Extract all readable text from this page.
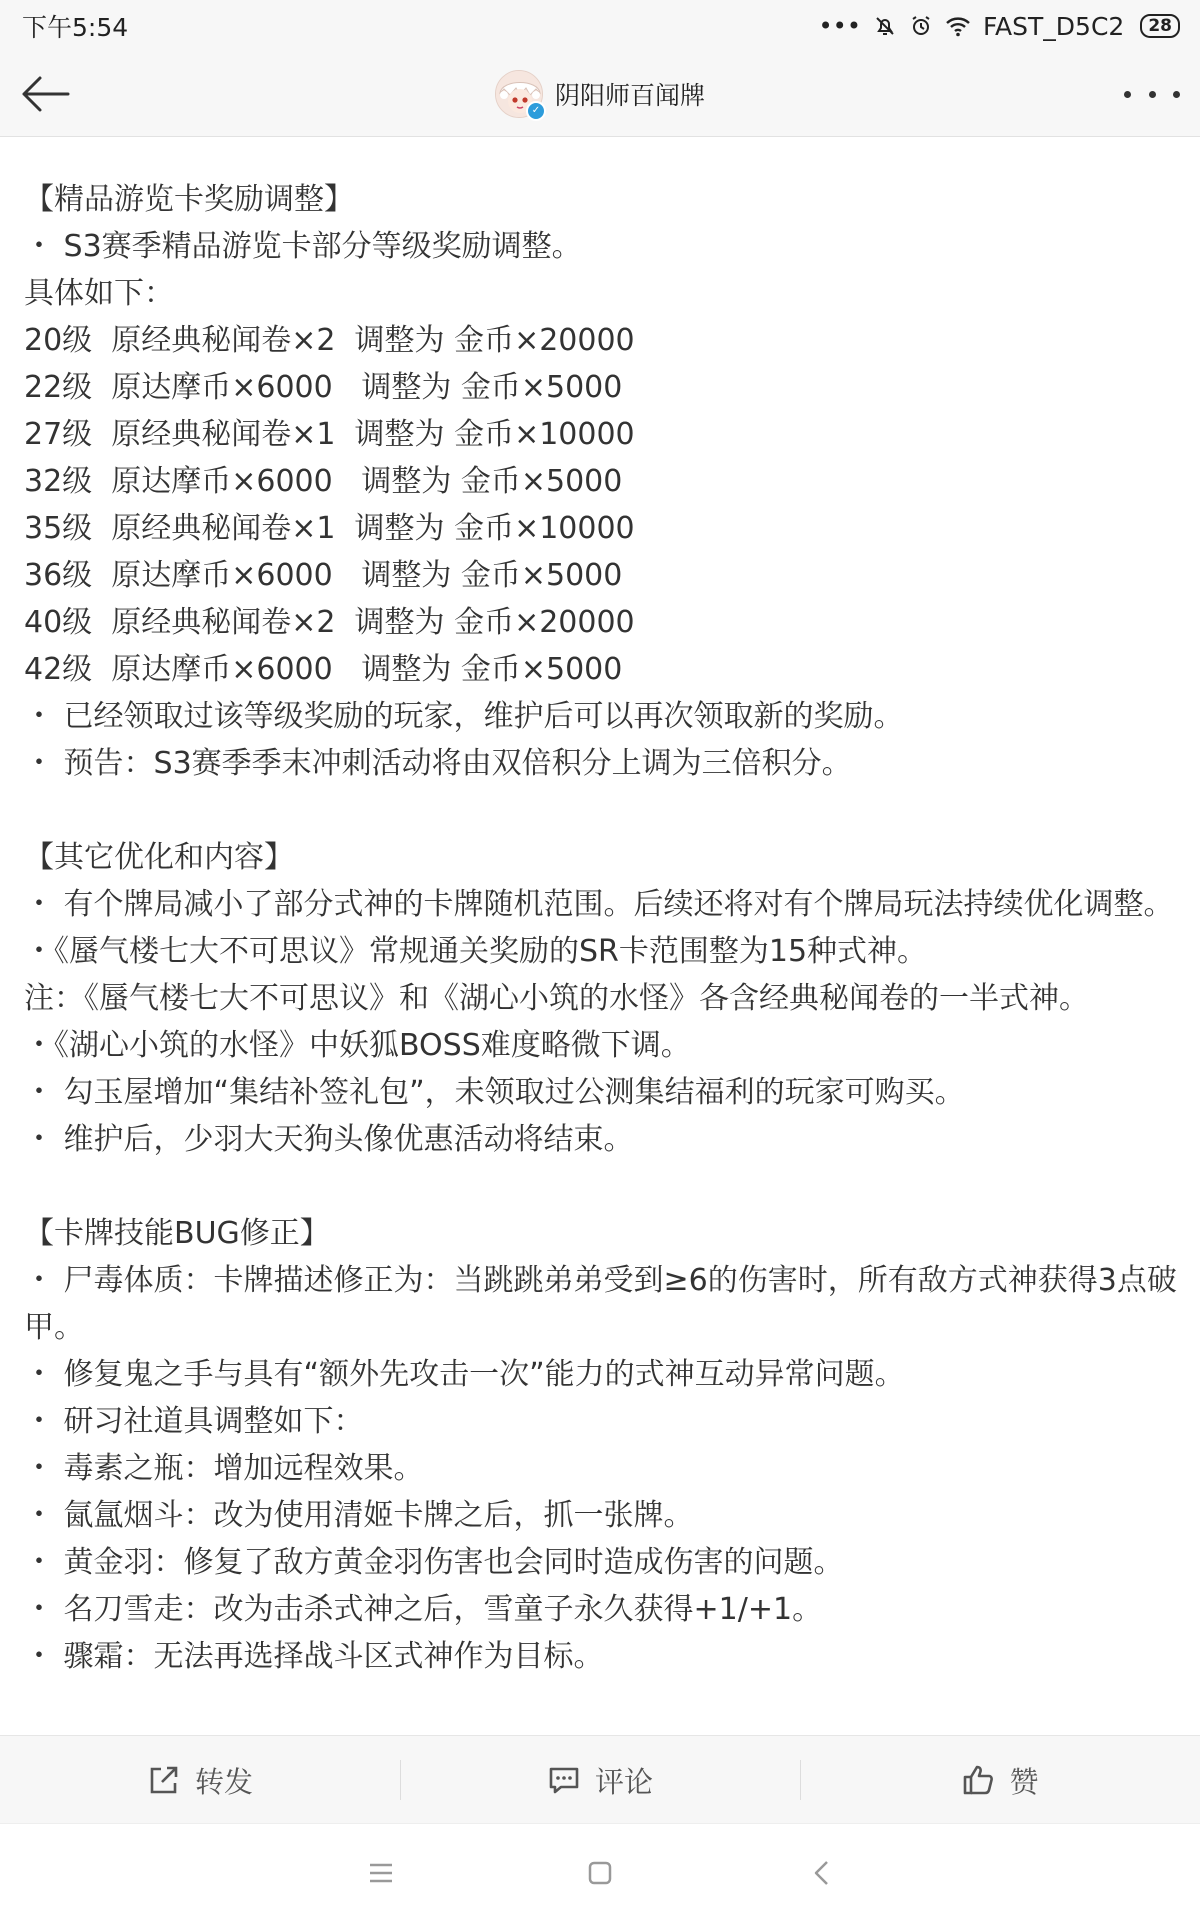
下午5:54	•••	FAST_D5C2	28
✓
阴阳师百闻牌

【精品游览卡奖励调整】

・ S3赛季精品游览卡部分等级奖励调整。

具体如下：

20级  原经典秘闻卷×2  调整为 金币×20000

22级  原达摩币×6000   调整为 金币×5000

27级  原经典秘闻卷×1  调整为 金币×10000

32级  原达摩币×6000   调整为 金币×5000

35级  原经典秘闻卷×1  调整为 金币×10000

36级  原达摩币×6000   调整为 金币×5000

40级  原经典秘闻卷×2  调整为 金币×20000

42级  原达摩币×6000   调整为 金币×5000

・ 已经领取过该等级奖励的玩家，维护后可以再次领取新的奖励。

・ 预告：S3赛季季末冲刺活动将由双倍积分上调为三倍积分。

【其它优化和内容】

・ 有个牌局减小了部分式神的卡牌随机范围。后续还将对有个牌局玩法持续优化调整。

・《蜃气楼七大不可思议》常规通关奖励的SR卡范围整为15种式神。

注：《蜃气楼七大不可思议》和《湖心小筑的水怪》各含经典秘闻卷的一半式神。

・《湖心小筑的水怪》中妖狐BOSS难度略微下调。

・ 勾玉屋增加“集结补签礼包”，未领取过公测集结福利的玩家可购买。

・ 维护后，少羽大天狗头像优惠活动将结束。

【卡牌技能BUG修正】

・ 尸毒体质：卡牌描述修正为：当跳跳弟弟受到≥6的伤害时，所有敌方式神获得3点破甲。

・ 修复鬼之手与具有“额外先攻击一次”能力的式神互动异常问题。

・ 研习社道具调整如下：

・ 毒素之瓶：增加远程效果。

・ 氤氲烟斗：改为使用清姬卡牌之后，抓一张牌。

・ 黄金羽：修复了敌方黄金羽伤害也会同时造成伤害的问题。

・ 名刀雪走：改为击杀式神之后，雪童子永久获得+1/+1。

・ 骤霜：无法再选择战斗区式神作为目标。

转发	评论	赞
